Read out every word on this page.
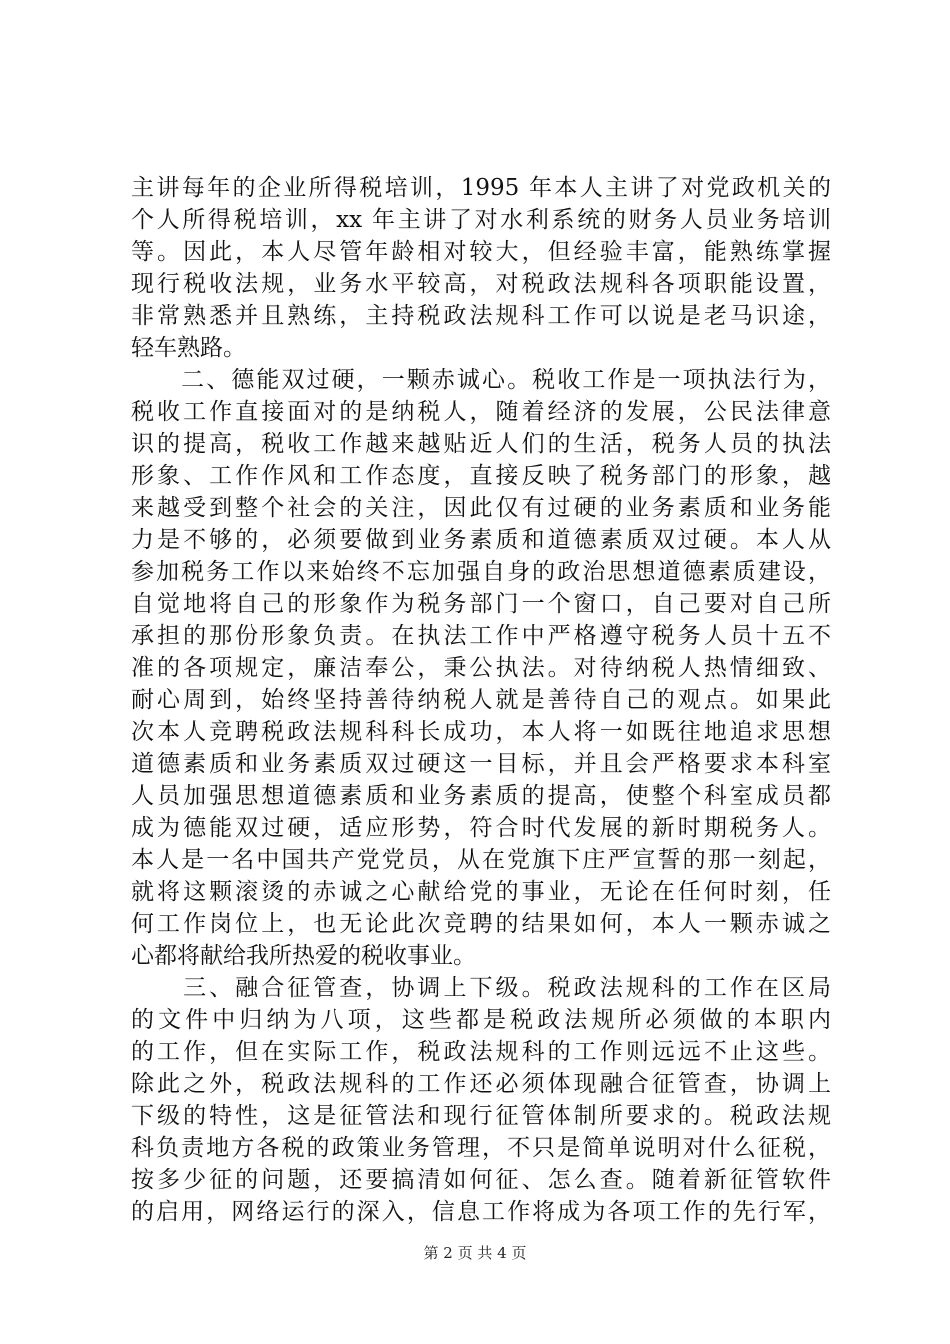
主讲每年的企业所得税培训，1995 年本人主讲了对党政机关的
个人所得税培训，xx 年主讲了对水利系统的财务人员业务培训
等。因此，本人尽管年龄相对较大，但经验丰富，能熟练掌握
现行税收法规，业务水平较高，对税政法规科各项职能设置，
非常熟悉并且熟练，主持税政法规科工作可以说是老马识途，
轻车熟路。
　　二、德能双过硬，一颗赤诚心。税收工作是一项执法行为，
税收工作直接面对的是纳税人，随着经济的发展，公民法律意
识的提高，税收工作越来越贴近人们的生活，税务人员的执法
形象、工作作风和工作态度，直接反映了税务部门的形象，越
来越受到整个社会的关注，因此仅有过硬的业务素质和业务能
力是不够的，必须要做到业务素质和道德素质双过硬。本人从
参加税务工作以来始终不忘加强自身的政治思想道德素质建设，
自觉地将自己的形象作为税务部门一个窗口，自己要对自己所
承担的那份形象负责。在执法工作中严格遵守税务人员十五不
准的各项规定，廉洁奉公，秉公执法。对待纳税人热情细致、
耐心周到，始终坚持善待纳税人就是善待自己的观点。如果此
次本人竞聘税政法规科科长成功，本人将一如既往地追求思想
道德素质和业务素质双过硬这一目标，并且会严格要求本科室
人员加强思想道德素质和业务素质的提高，使整个科室成员都
成为德能双过硬，适应形势，符合时代发展的新时期税务人。
本人是一名中国共产党党员，从在党旗下庄严宣誓的那一刻起，
就将这颗滚烫的赤诚之心献给党的事业，无论在任何时刻，任
何工作岗位上，也无论此次竞聘的结果如何，本人一颗赤诚之
心都将献给我所热爱的税收事业。
　　三、融合征管查，协调上下级。税政法规科的工作在区局
的文件中归纳为八项，这些都是税政法规所必须做的本职内
的工作，但在实际工作，税政法规科的工作则远远不止这些。
除此之外，税政法规科的工作还必须体现融合征管查，协调上
下级的特性，这是征管法和现行征管体制所要求的。税政法规
科负责地方各税的政策业务管理，不只是简单说明对什么征税，
按多少征的问题，还要搞清如何征、怎么查。随着新征管软件
的启用，网络运行的深入，信息工作将成为各项工作的先行军，
第 2 页 共 4 页
